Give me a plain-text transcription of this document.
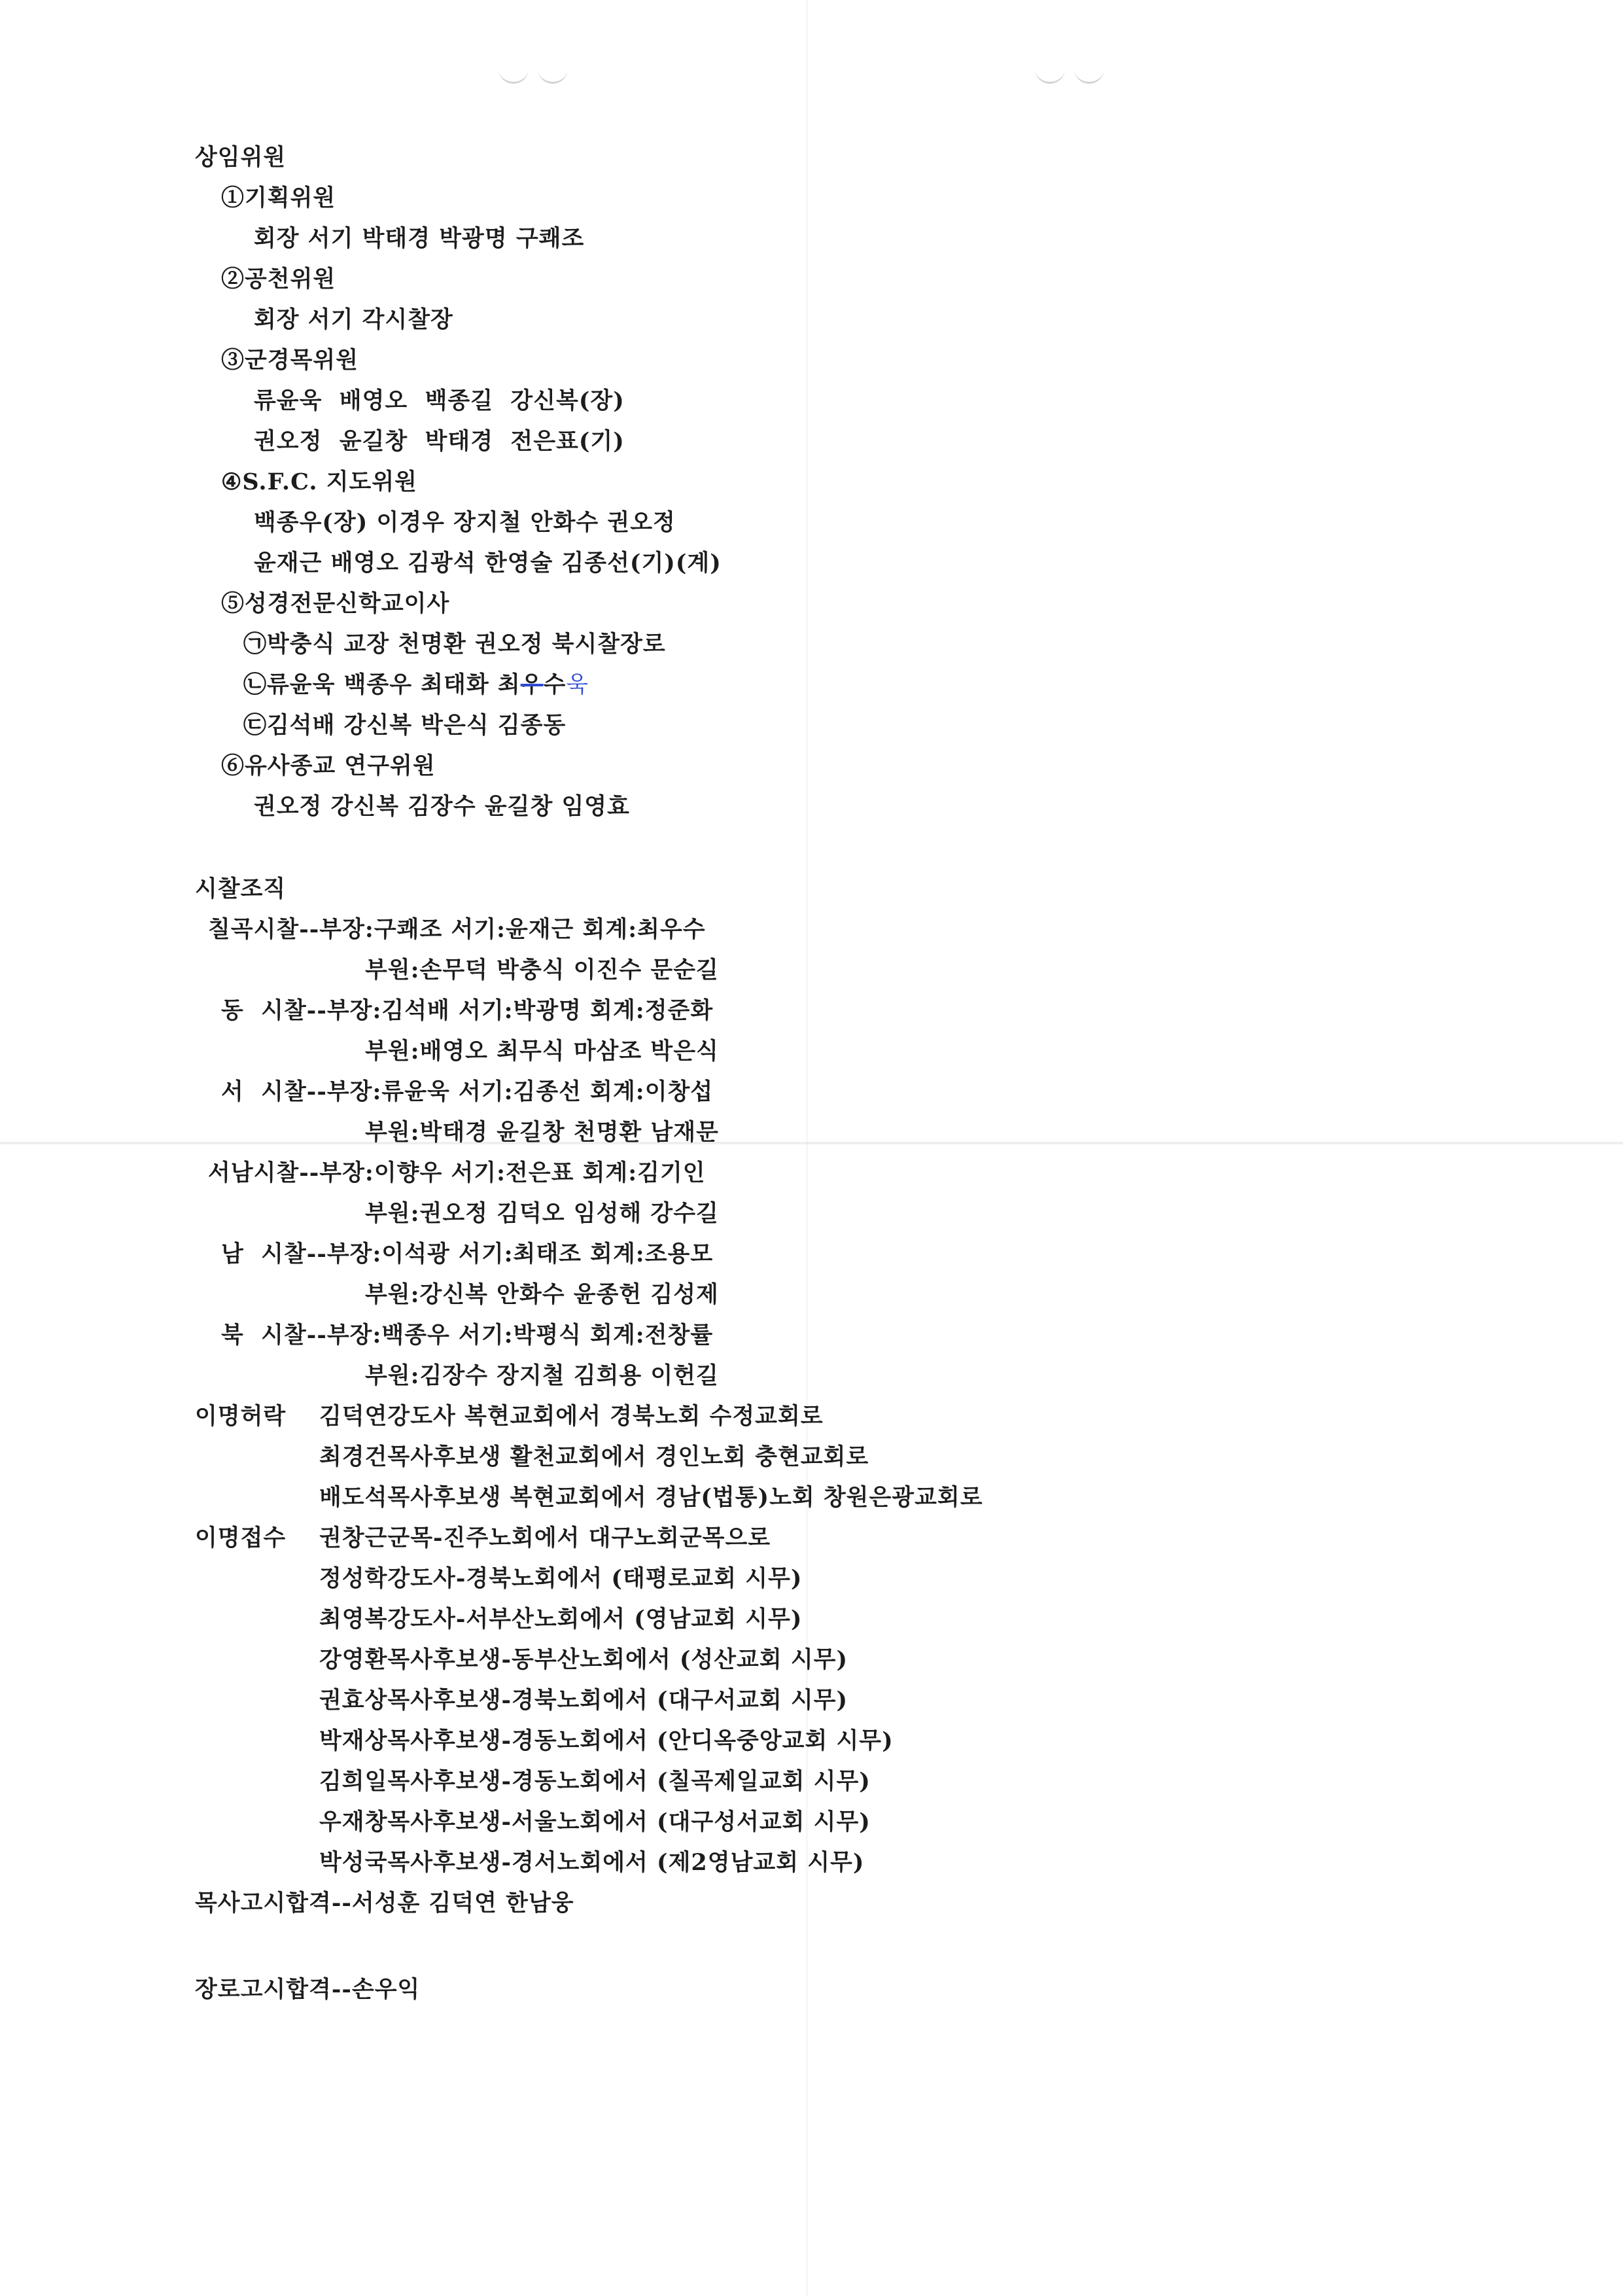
상임위원
①기획위원
회장 서기 박태경 박광명 구쾌조
②공천위원
회장 서기 각시찰장
③군경목위원
류윤욱  배영오  백종길  강신복(장)
권오정  윤길창  박태경  전은표(기)
④S.F.C. 지도위원
백종우(장) 이경우 장지철 안화수 권오정
윤재근 배영오 김광석 한영술 김종선(기)(계)
⑤성경전문신학교이사
㉠박충식 교장 천명환 권오정 북시찰장로
㉡류윤욱 백종우 최태화 최우수욱
㉢김석배 강신복 박은식 김종동
⑥유사종교 연구위원
권오정 강신복 김장수 윤길창 임영효
시찰조직
칠곡시찰--부장:구쾌조 서기:윤재근 회계:최우수
부원:손무덕 박충식 이진수 문순길
동  시찰--부장:김석배 서기:박광명 회계:정준화
부원:배영오 최무식 마삼조 박은식
서  시찰--부장:류윤욱 서기:김종선 회계:이창섭
부원:박태경 윤길창 천명환 남재문
서남시찰--부장:이향우 서기:전은표 회계:김기인
부원:권오정 김덕오 임성해 강수길
남  시찰--부장:이석광 서기:최태조 회계:조용모
부원:강신복 안화수 윤종헌 김성제
북  시찰--부장:백종우 서기:박평식 회계:전창률
부원:김장수 장지철 김희용 이헌길
이명허락 김덕연강도사 복현교회에서 경북노회 수정교회로
최경건목사후보생 활천교회에서 경인노회 충현교회로
배도석목사후보생 복현교회에서 경남(법통)노회 창원은광교회로
이명접수 권창근군목-진주노회에서 대구노회군목으로
정성학강도사-경북노회에서 (태평로교회 시무)
최영복강도사-서부산노회에서 (영남교회 시무)
강영환목사후보생-동부산노회에서 (성산교회 시무)
권효상목사후보생-경북노회에서 (대구서교회 시무)
박재상목사후보생-경동노회에서 (안디옥중앙교회 시무)
김희일목사후보생-경동노회에서 (칠곡제일교회 시무)
우재창목사후보생-서울노회에서 (대구성서교회 시무)
박성국목사후보생-경서노회에서 (제2영남교회 시무)
목사고시합격--서성훈 김덕연 한남웅
장로고시합격--손우익
